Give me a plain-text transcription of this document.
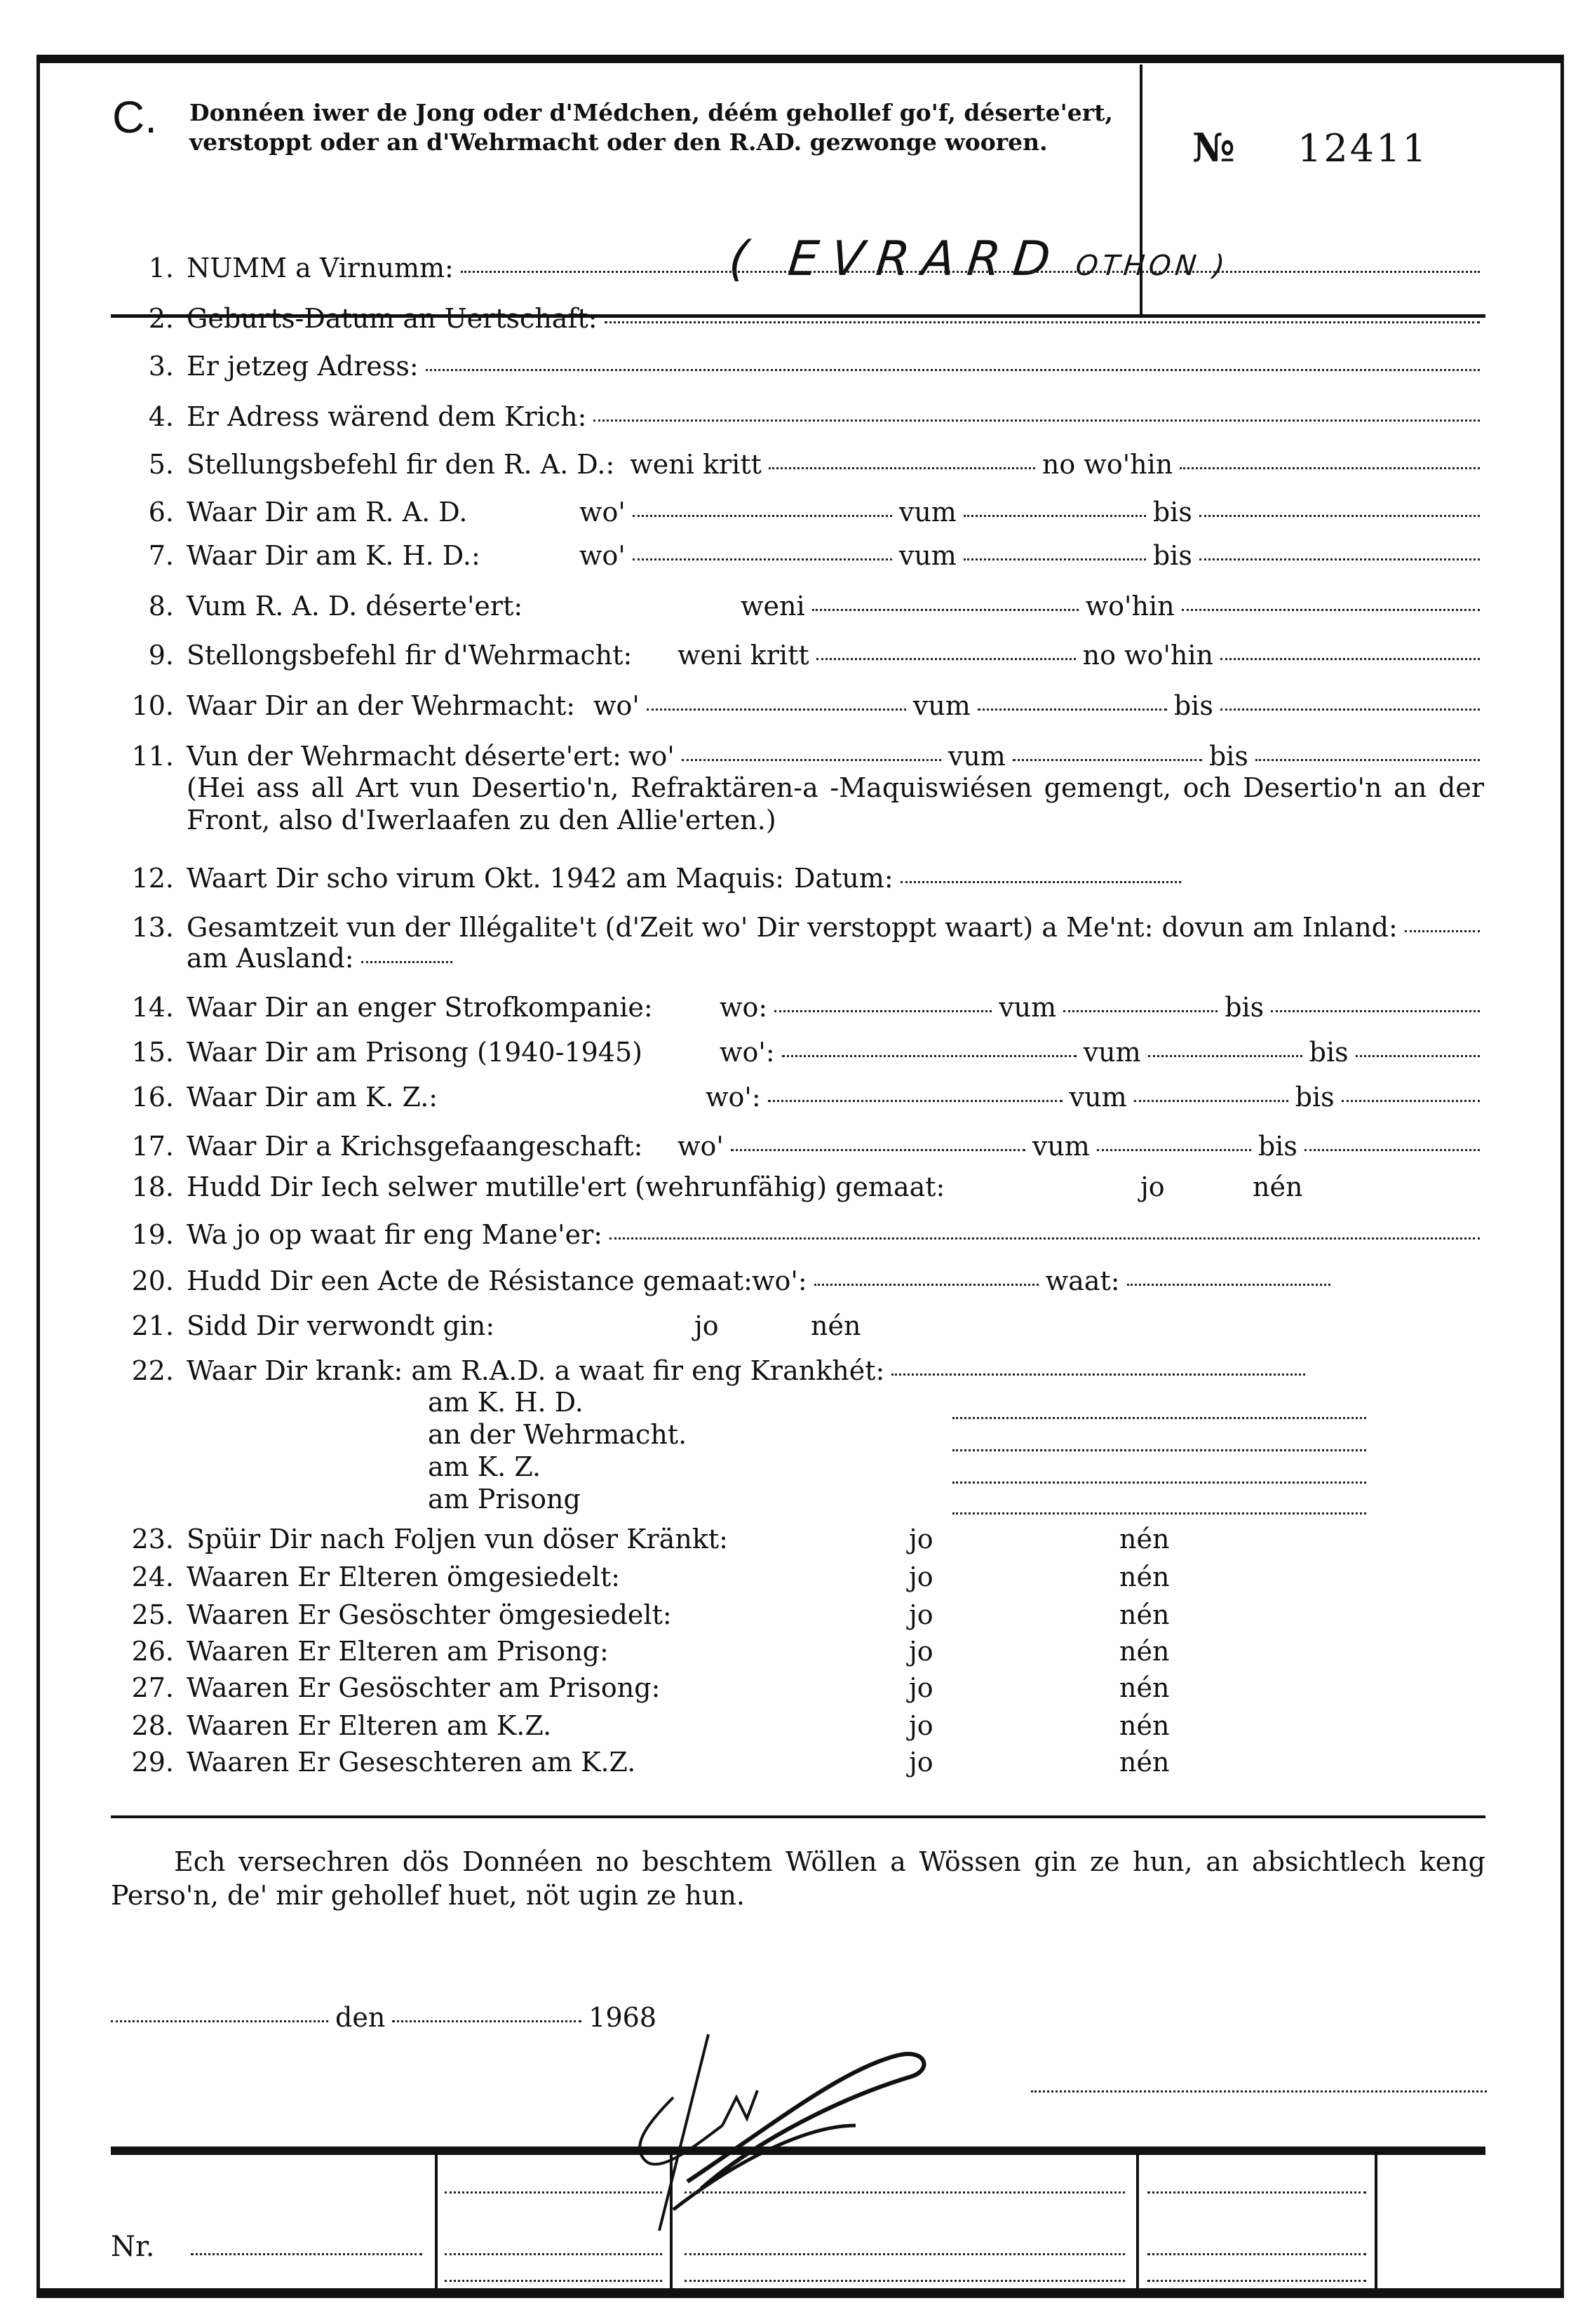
C. Donnéen iwer de Jong oder d'Médchen, déém gehollef go'f, déserte'ert, verstoppt oder an d'Wehrmacht oder den R.AD. gezwonge wooren.	№ 12411
( EVRARD OTHON )
1. NUMM a Virnumm:
2. Geburts-Datum an Uertschaft:
3. Er jetzeg Adress:
4. Er Adress wärend dem Krich:
5. Stellungsbefehl fir den R. A. D.: weni kritt	no wo'hin
6. Waar Dir am R. A. D.	wo'	vum	bis
7. Waar Dir am K. H. D.:	wo'	vum	bis
8. Vum R. A. D. déserte'ert:	weni	wo'hin
9. Stellongsbefehl fir d'Wehrmacht:	weni kritt	no wo'hin
10. Waar Dir an der Wehrmacht: wo'	vum	bis
11. Vun der Wehrmacht déserte'ert: wo'	vum	bis
(Hei ass all Art vun Desertio'n, Refraktären-a -Maquiswiésen gemengt, och Desertio'n an der Front, also d'Iwerlaafen zu den Allie'erten.)
12. Waart Dir scho virum Okt. 1942 am Maquis: Datum:
13. Gesamtzeit vun der Illégalite't (d'Zeit wo' Dir verstoppt waart) a Me'nt: dovun am Inland:
am Ausland:
14. Waar Dir an enger Strofkompanie:	wo:	vum	bis
15. Waar Dir am Prisong (1940-1945)	wo':	vum	bis
16. Waar Dir am K. Z.:	wo':	vum	bis
17. Waar Dir a Krichsgefaangeschaft:	wo'	vum	bis
18. Hudd Dir Iech selwer mutille'ert (wehrunfähig) gemaat:	jo	nén
19. Wa jo op waat fir eng Mane'er:
20. Hudd Dir een Acte de Résistance gemaat: wo':	waat:
21. Sidd Dir verwondt gin:	jo	nén
22. Waar Dir krank: am R.A.D. a waat fir eng Krankhét:
am K. H. D.
an der Wehrmacht.
am K. Z.
am Prisong
23. Spüir Dir nach Foljen vun döser Kränkt:	jo	nén
24. Waaren Er Elteren ömgesiedelt:	jo	nén
25. Waaren Er Gesöschter ömgesiedelt:	jo	nén
26. Waaren Er Elteren am Prisong:	jo	nén
27. Waaren Er Gesöschter am Prisong:	jo	nén
28. Waaren Er Elteren am K.Z.	jo	nén
29. Waaren Er Geseschteren am K.Z.	jo	nén
Ech versechren dös Donnéen no beschtem Wöllen a Wössen gin ze hun, an absichtlech keng Perso'n, de' mir gehollef huet, nöt ugin ze hun.
den	1968
Nr.
